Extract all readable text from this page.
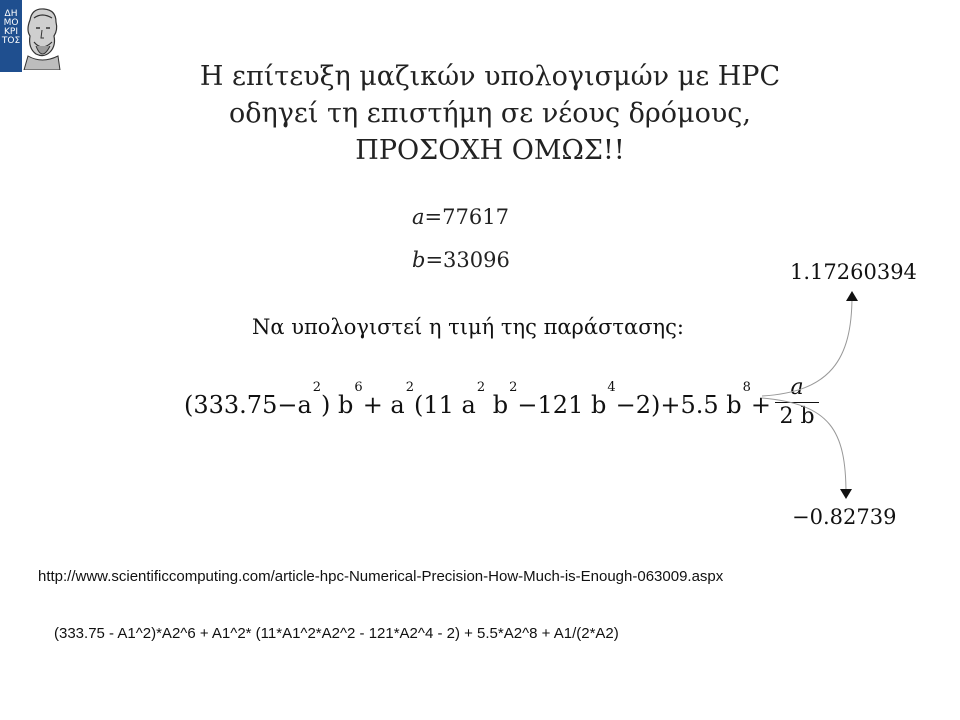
ΔΗ
ΜΟ
ΚΡΙ
ΤΟΣ
Η επίτευξη μαζικών υπολογισμών με HPC
οδηγεί τη επιστήμη σε νέους δρόμους,
ΠΡΟΣΟΧΗ ΟΜΩΣ!!
a=77617
b=33096
Να υπολογιστεί η τιμή της παράστασης:
$(333.75-a^2)$ $b^6+ a^2(11$ $a^2$ $b^2-121$ $b^4-2)+5.5$ $b^8+ \frac{a}{2 b}$
1.17260394
−0.82739
http://www.scientificcomputing.com/article-hpc-Numerical-Precision-How-Much-is-Enough-063009.aspx
(333.75 - A1^2)*A2^6 + A1^2* (11*A1^2*A2^2 - 121*A2^4 - 2) + 5.5*A2^8 + A1/(2*A2)
